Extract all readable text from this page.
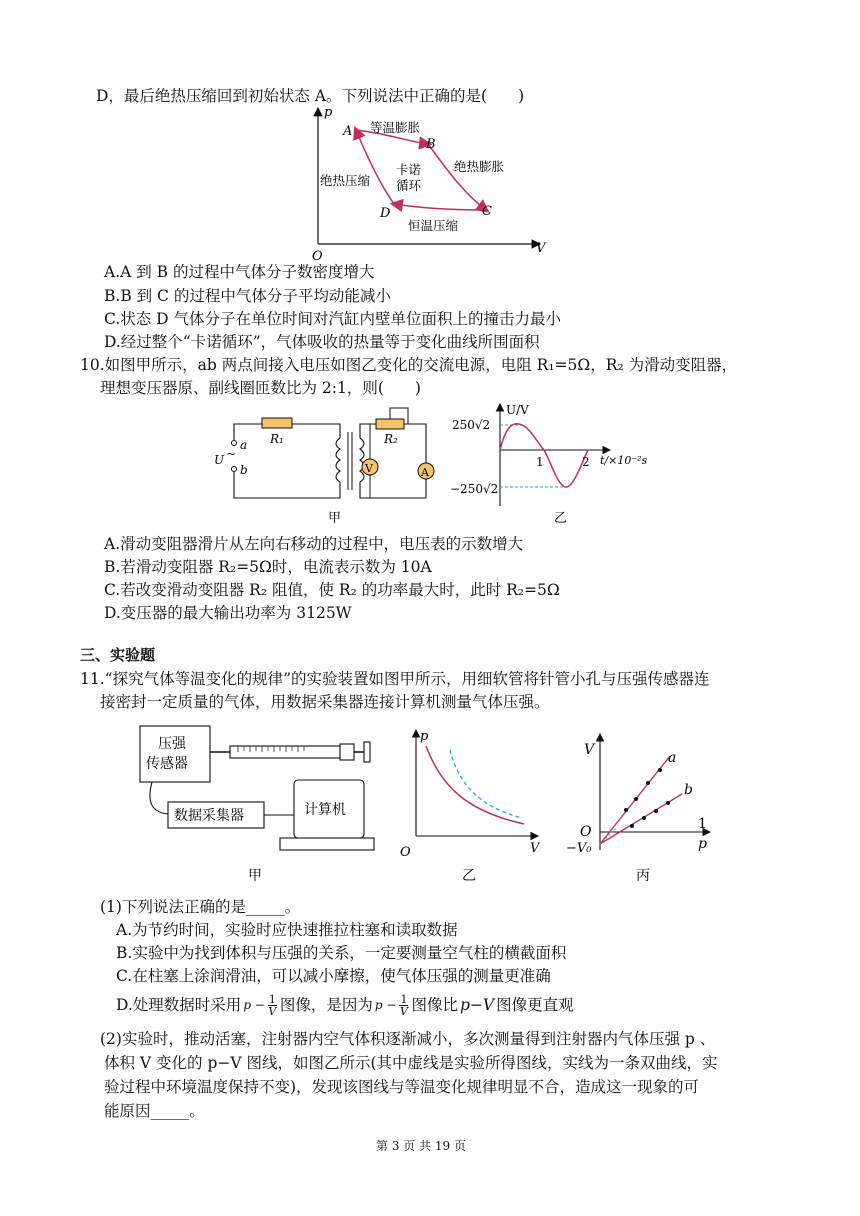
D，最后绝热压缩回到初始状态 A。下列说法中正确的是(　　)
p
V
O
A
B
C
D
等温膨胀
绝热膨胀
恒温压缩
绝热压缩
卡诺
循环
A.A 到 B 的过程中气体分子数密度增大
B.B 到 C 的过程中气体分子平均动能减小
C.状态 D 气体分子在单位时间对汽缸内壁单位面积上的撞击力最小
D.经过整个“卡诺循环”，气体吸收的热量等于变化曲线所围面积
10.如图甲所示，ab 两点间接入电压如图乙变化的交流电源，电阻 R₁=5Ω，R₂ 为滑动变阻器，
理想变压器原、副线圈匝数比为 2:1，则(　　)
R₁
a
b
U ~
R₂
V	A
甲
U/V
250√2
−250√2
1	2 t/×10⁻²s
乙
A.滑动变阻器滑片从左向右移动的过程中，电压表的示数增大
B.若滑动变阻器 R₂=5Ω时，电流表示数为 10A
C.若改变滑动变阻器 R₂ 阻值，使 R₂ 的功率最大时，此时 R₂=5Ω
D.变压器的最大输出功率为 3125W
三、实验题
11.“探究气体等温变化的规律”的实验装置如图甲所示，用细软管将针管小孔与压强传感器连
接密封一定质量的气体，用数据采集器连接计算机测量气体压强。
压强
传感器
数据采集器	计算机
甲
p
V
O
乙
V
O
−V₀
a
b
1
p
丙
(1)下列说法正确的是_____。
A.为节约时间，实验时应快速推拉柱塞和读取数据
B.实验中为找到体积与压强的关系，一定要测量空气柱的横截面积
C.在柱塞上涂润滑油，可以减小摩擦，使气体压强的测量更准确
D.处理数据时采用 $p - \frac{1}{V}$ 图像，是因为 $p - \frac{1}{V}$ 图像比 p−V 图像更直观
(2)实验时，推动活塞，注射器内空气体积逐渐减小，多次测量得到注射器内气体压强 p 、
体积 V 变化的 p−V 图线，如图乙所示(其中虚线是实验所得图线，实线为一条双曲线，实
验过程中环境温度保持不变)，发现该图线与等温变化规律明显不合，造成这一现象的可
能原因_____。
第 3 页 共 19 页
